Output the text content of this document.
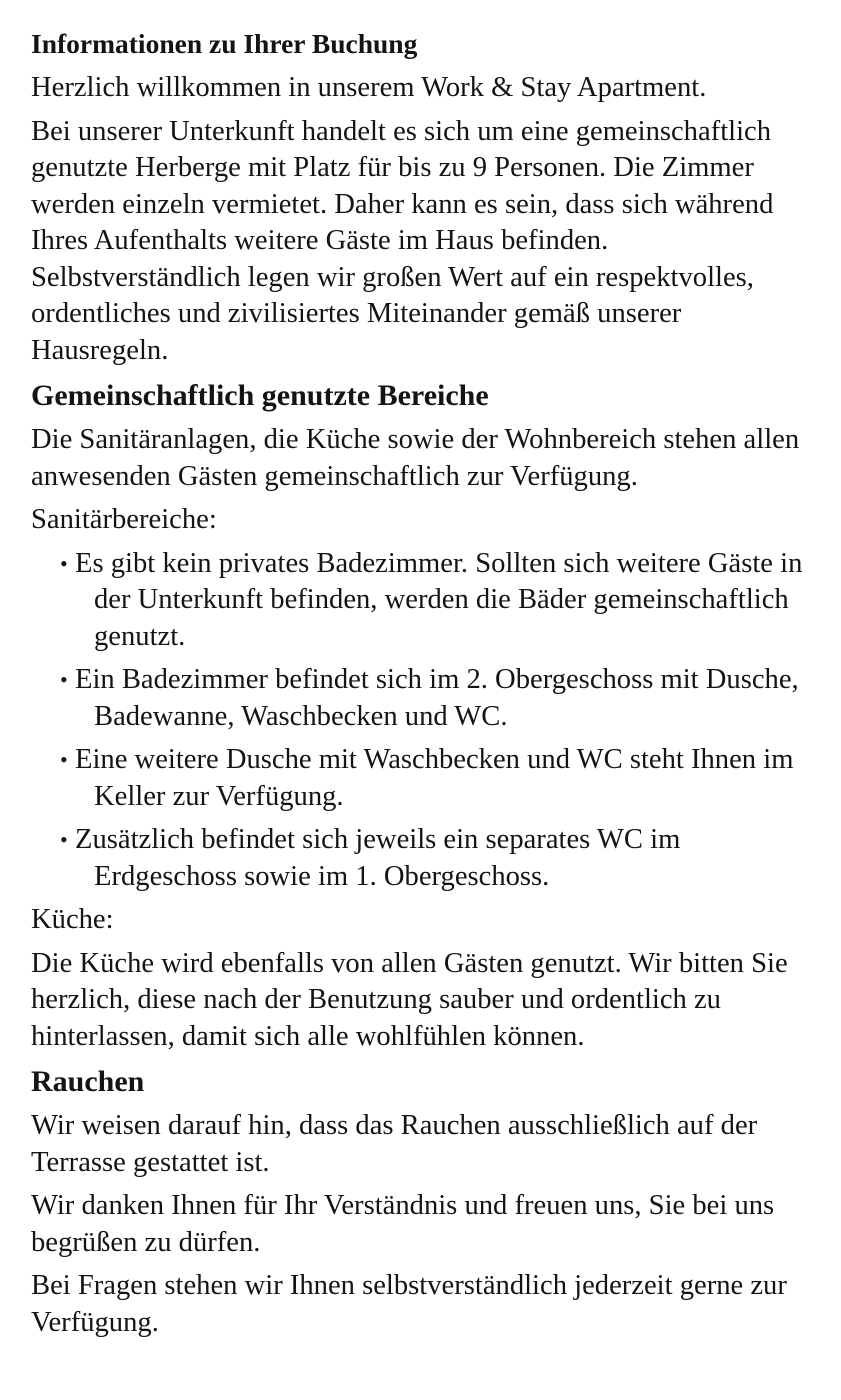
Informationen zu Ihrer Buchung

Herzlich willkommen in unserem Work & Stay Apartment.

Bei unserer Unterkunft handelt es sich um eine gemeinschaftlich genutzte Herberge mit Platz für bis zu 9 Personen. Die Zimmer werden einzeln vermietet. Daher kann es sein, dass sich während Ihres Aufenthalts weitere Gäste im Haus befinden. Selbstverständlich legen wir großen Wert auf ein respektvolles, ordentliches und zivilisiertes Miteinander gemäß unserer Hausregeln.

Gemeinschaftlich genutzte Bereiche

Die Sanitäranlagen, die Küche sowie der Wohnbereich stehen allen anwesenden Gästen gemeinschaftlich zur Verfügung.

Sanitärbereiche:

• Es gibt kein privates Badezimmer. Sollten sich weitere Gäste in der Unterkunft befinden, werden die Bäder gemeinschaftlich genutzt.
• Ein Badezimmer befindet sich im 2. Obergeschoss mit Dusche, Badewanne, Waschbecken und WC.
• Eine weitere Dusche mit Waschbecken und WC steht Ihnen im Keller zur Verfügung.
• Zusätzlich befindet sich jeweils ein separates WC im Erdgeschoss sowie im 1. Obergeschoss.

Küche:

Die Küche wird ebenfalls von allen Gästen genutzt. Wir bitten Sie herzlich, diese nach der Benutzung sauber und ordentlich zu hinterlassen, damit sich alle wohlfühlen können.

Rauchen

Wir weisen darauf hin, dass das Rauchen ausschließlich auf der Terrasse gestattet ist.

Wir danken Ihnen für Ihr Verständnis und freuen uns, Sie bei uns begrüßen zu dürfen.

Bei Fragen stehen wir Ihnen selbstverständlich jederzeit gerne zur Verfügung.
